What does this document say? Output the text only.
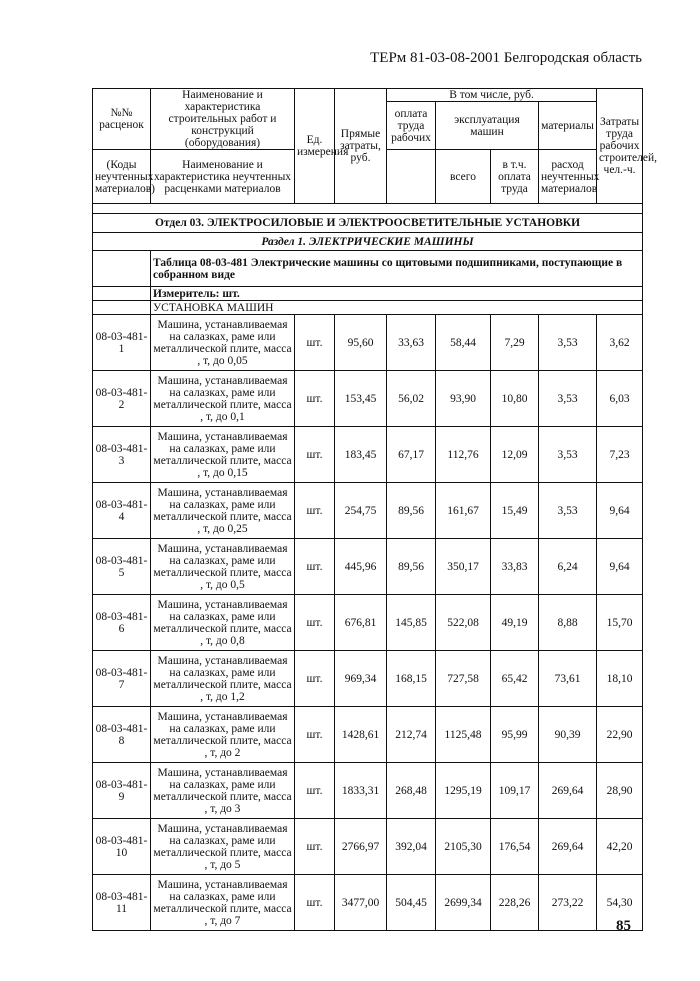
ТЕРм 81-03-08-2001 Белгородская область
№№ расценок	Наименование и характеристика строительных работ и конструкций (оборудования)	Ед. измерения	Прямые затраты, руб.	В том числе, руб.				Затраты труда рабочих строителей, чел.-ч.
				оплата труда рабочих	эксплуатация машин		материалы	

(Коды неучтенных материалов)	Наименование и характеристика неучтенных расценками материалов				всего	в т.ч. оплата труда	расход неучтенных материалов	

Отдел 03. ЭЛЕКТРОСИЛОВЫЕ И ЭЛЕКТРООСВЕТИТЕЛЬНЫЕ УСТАНОВКИ								
Раздел 1. ЭЛЕКТРИЧЕСКИЕ МАШИНЫ								
	Таблица 08-03-481 Электрические машины со щитовыми подшипниками, поступающие в собранном виде							
	Измеритель: шт.							
	УСТАНОВКА МАШИН							
08-03-481-1	Машина, устанавливаемая на салазках, раме или металлической плите, масса , т, до 0,05	шт.	95,60	33,63	58,44	7,29	3,53	3,62
08-03-481-2	Машина, устанавливаемая на салазках, раме или металлической плите, масса , т, до 0,1	шт.	153,45	56,02	93,90	10,80	3,53	6,03
08-03-481-3	Машина, устанавливаемая на салазках, раме или металлической плите, масса , т, до 0,15	шт.	183,45	67,17	112,76	12,09	3,53	7,23
08-03-481-4	Машина, устанавливаемая на салазках, раме или металлической плите, масса , т, до 0,25	шт.	254,75	89,56	161,67	15,49	3,53	9,64
08-03-481-5	Машина, устанавливаемая на салазках, раме или металлической плите, масса , т, до 0,5	шт.	445,96	89,56	350,17	33,83	6,24	9,64
08-03-481-6	Машина, устанавливаемая на салазках, раме или металлической плите, масса , т, до 0,8	шт.	676,81	145,85	522,08	49,19	8,88	15,70
08-03-481-7	Машина, устанавливаемая на салазках, раме или металлической плите, масса , т, до 1,2	шт.	969,34	168,15	727,58	65,42	73,61	18,10
08-03-481-8	Машина, устанавливаемая на салазках, раме или металлической плите, масса , т, до 2	шт.	1428,61	212,74	1125,48	95,99	90,39	22,90
08-03-481-9	Машина, устанавливаемая на салазках, раме или металлической плите, масса , т, до 3	шт.	1833,31	268,48	1295,19	109,17	269,64	28,90
08-03-481-10	Машина, устанавливаемая на салазках, раме или металлической плите, масса , т, до 5	шт.	2766,97	392,04	2105,30	176,54	269,64	42,20
08-03-481-11	Машина, устанавливаемая на салазках, раме или металлической плите, масса , т, до 7	шт.	3477,00	504,45	2699,34	228,26	273,22	54,30
85
